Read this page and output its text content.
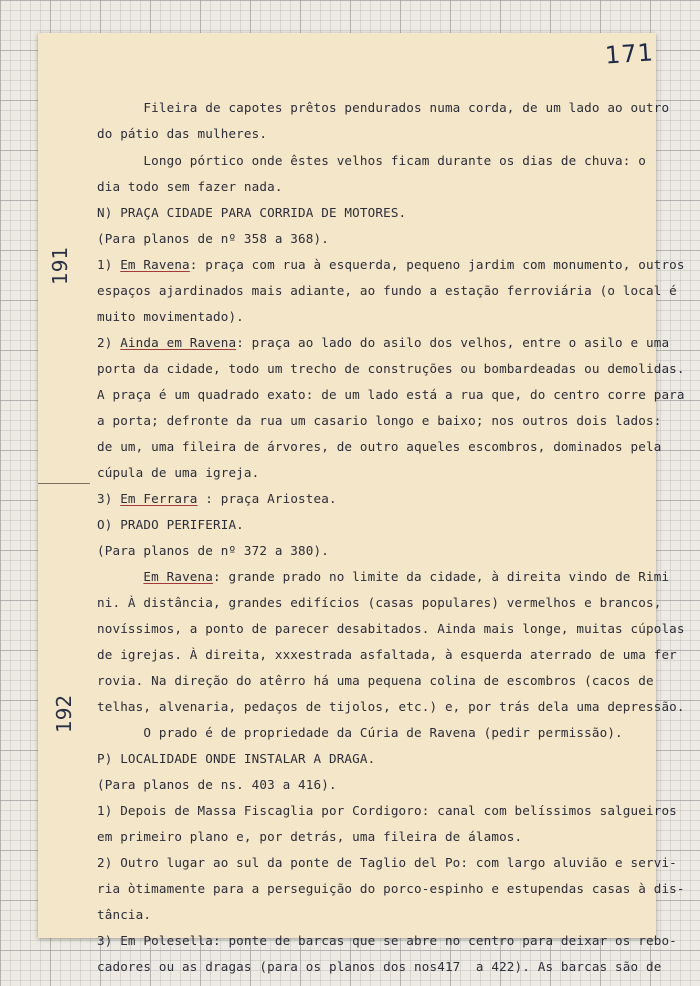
171
191
192
Fileira de capotes prêtos pendurados numa corda, de um lado ao outro
do pátio das mulheres.
Longo pórtico onde êstes velhos ficam durante os dias de chuva: o
dia todo sem fazer nada.
N) PRAÇA CIDADE PARA CORRIDA DE MOTORES.
(Para planos de nº 358 a 368).
1) Em Ravena: praça com rua à esquerda, pequeno jardim com monumento, outros
espaços ajardinados mais adiante, ao fundo a estação ferroviária (o local é
muito movimentado).
2) Ainda em Ravena: praça ao lado do asilo dos velhos, entre o asilo e uma
porta da cidade, todo um trecho de construções ou bombardeadas ou demolidas.
A praça é um quadrado exato: de um lado está a rua que, do centro corre para
a porta; defronte da rua um casario longo e baixo; nos outros dois lados:
de um, uma fileira de árvores, de outro aqueles escombros, dominados pela
cúpula de uma igreja.
3) Em Ferrara : praça Ariostea.
O) PRADO PERIFERIA.
(Para planos de nº 372 a 380).
Em Ravena: grande prado no limite da cidade, à direita vindo de Rimi
ni. À distância, grandes edifícios (casas populares) vermelhos e brancos,
novíssimos, a ponto de parecer desabitados. Ainda mais longe, muitas cúpolas
de igrejas. À direita, xxxestrada asfaltada, à esquerda aterrado de uma fer
rovia. Na direção do atêrro há uma pequena colina de escombros (cacos de
telhas, alvenaria, pedaços de tijolos, etc.) e, por trás dela uma depressão.
O prado é de propriedade da Cúria de Ravena (pedir permissão).
P) LOCALIDADE ONDE INSTALAR A DRAGA.
(Para planos de ns. 403 a 416).
1) Depois de Massa Fiscaglia por Cordigoro: canal com belíssimos salgueiros
em primeiro plano e, por detrás, uma fileira de álamos.
2) Outro lugar ao sul da ponte de Taglio del Po: com largo aluvião e servi-
ria òtimamente para a perseguição do porco-espinho e estupendas casas à dis-
tância.
3) Em Polesella: ponte de barcas que se abre no centro para deixar os rebo-
cadores ou as dragas (para os planos dos nos417  a 422). As barcas são de
